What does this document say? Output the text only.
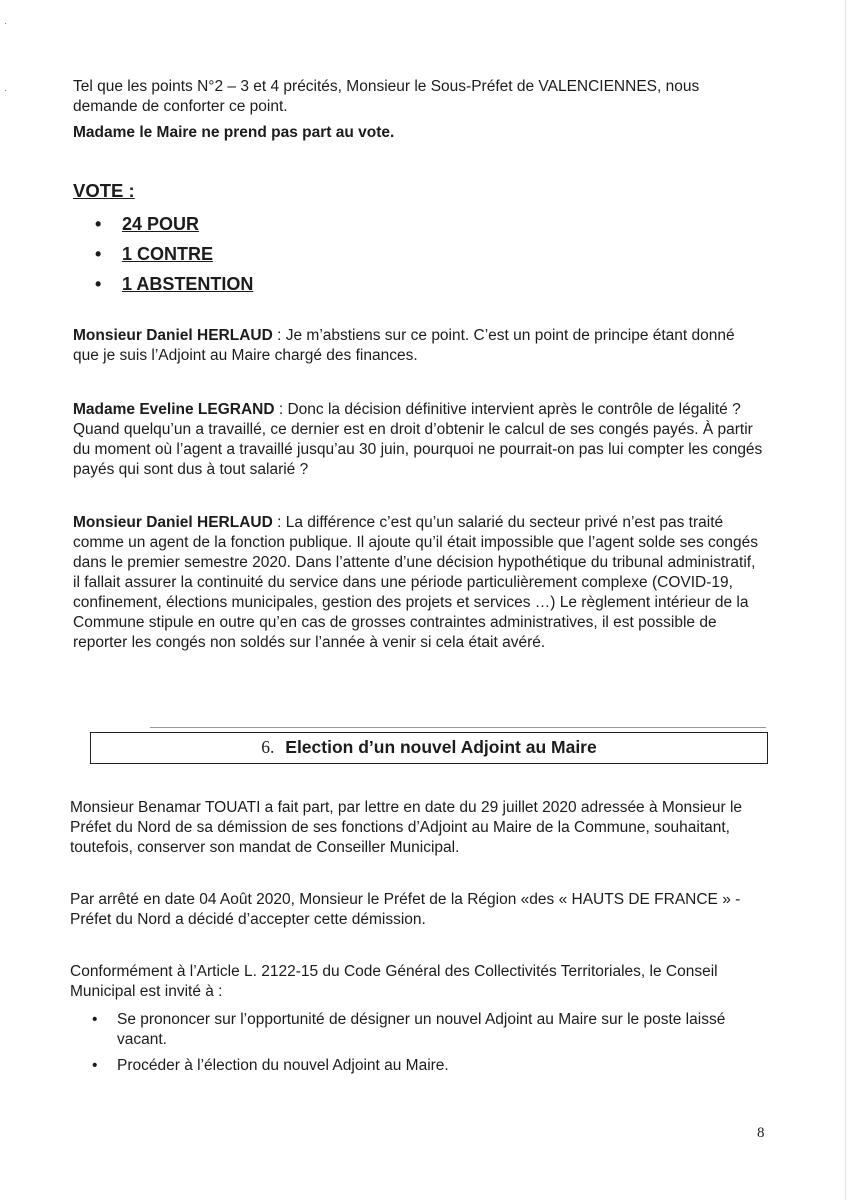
·
·	Tel que les points N°2 – 3 et 4 précités, Monsieur le Sous-Préfet de VALENCIENNES, nous demande de conforter ce point.
Madame le Maire ne prend pas part au vote.
VOTE :
• 24 POUR
• 1 CONTRE
• 1 ABSTENTION
Monsieur Daniel HERLAUD : Je m’abstiens sur ce point. C’est un point de principe étant donné que je suis l’Adjoint au Maire chargé des finances.
Madame Eveline LEGRAND : Donc la décision définitive intervient après le contrôle de légalité ? Quand quelqu’un a travaillé, ce dernier est en droit d’obtenir le calcul de ses congés payés. À partir du moment où l’agent a travaillé jusqu’au 30 juin, pourquoi ne pourrait-on pas lui compter les congés payés qui sont dus à tout salarié ?
Monsieur Daniel HERLAUD : La différence c’est qu’un salarié du secteur privé n’est pas traité comme un agent de la fonction publique. Il ajoute qu’il était impossible que l’agent solde ses congés dans le premier semestre 2020. Dans l’attente d’une décision hypothétique du tribunal administratif, il fallait assurer la continuité du service dans une période particulièrement complexe (COVID-19, confinement, élections municipales, gestion des projets et services …) Le règlement intérieur de la Commune stipule en outre qu’en cas de grosses contraintes administratives, il est possible de reporter les congés non soldés sur l’année à venir si cela était avéré.
6. Election d’un nouvel Adjoint au Maire
Monsieur Benamar TOUATI a fait part, par lettre en date du 29 juillet 2020 adressée à Monsieur le Préfet du Nord de sa démission de ses fonctions d’Adjoint au Maire de la Commune, souhaitant, toutefois, conserver son mandat de Conseiller Municipal.
Par arrêté en date 04 Août 2020, Monsieur le Préfet de la Région «des « HAUTS DE FRANCE » - Préfet du Nord a décidé d’accepter cette démission.
Conformément à l’Article L. 2122-15 du Code Général des Collectivités Territoriales, le Conseil Municipal est invité à :
• Se prononcer sur l’opportunité de désigner un nouvel Adjoint au Maire sur le poste laissé vacant.
• Procéder à l’élection du nouvel Adjoint au Maire.
8
